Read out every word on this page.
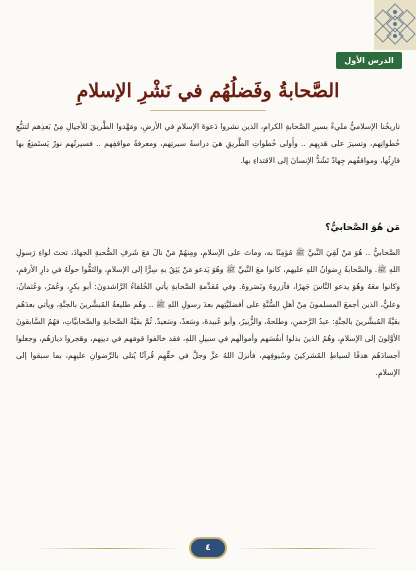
الدرس الأول
الصَّحابةُ وفَضلُهُم في نَشْرِ الإسلامِ

تاريخُنا الإسلاميُّ مليءٌ بسيرِ الصَّحابةِ الكرامِ، الذين نشروا دَعوةَ الإسلامِ في الأرضِ، ومَهَّدوا الطَّريقَ للأجيالِ مِنْ بَعدِهم لتتبُّعِ خُطواتِهم، وتسيرَ على هَديِهم .. وأَولى خُطواتِ الطَّريقِ هيَ دراسةُ سيرتِهم، ومعرفةُ مواقفِهم .. فسيرتُهم نورٌ يَستَمتِعُ بها قارِئُها، ومواقفُهم جِهادٌ تَشُدُّ الإنسانَ إلى الاقتداءِ بها.

مَن هُوَ الصَّحابيُّ؟

الصَّحابيُّ .. هُوَ مَنْ لَقِيَ النَّبيَّ ﷺ مُؤمِنًا به، وماتَ على الإسلامِ، ومِنهُمْ مَنْ نالَ مَعَ شَرفِ الصُّحبةِ الجهادَ، تحتَ لواءِ رَسولِ اللهِ ﷺ. والصَّحابةُ رِضوانُ اللهِ عليهم، كانوا معَ النَّبيِّ ﷺ وهُوَ يَدعو مَنْ يَثِقُ بهِ سِرًّا إلى الإسلامِ، والتَفُّوا حولَهُ في دارِ الأرقمِ، وكانوا معَهُ وهُوَ يدعو النَّاسَ جَهرًا، فآزروهُ ونَصَروهُ. وفي مُقدِّمةِ الصَّحابةِ يأتي الخُلفاءُ الرَّاشدونَ: أبو بكرٍ، وعُمَرُ، وعُثمانُ، وعليٌّ، الذين أجمعَ المسلمونَ مِنْ أهلِ السُّنَّةِ على أفضليَّتِهم بعدَ رسولِ اللهِ ﷺ .. وهُم طليعةُ المُبشَّرينَ بالجنَّةِ، ويأتي بعدَهُم بقيَّةُ المُبشَّرينَ بالجنَّةِ: عبدُ الرَّحمنِ، وطلحةُ، والزُّبيرُ، وأبو عُبيدةَ، وسَعدٌ، وسَعيدٌ. ثُمَّ بقيَّةُ الصَّحابةِ والصَّحابيَّاتِ، فهُمُ السَّابقونَ الأوَّلونَ إلى الإسلامِ، وهُمُ الذينَ بذلوا أنفُسَهم وأموالَهم في سبيلِ اللهِ، فقد خالفوا قومَهم في دينِهم، وهَجروا ديارَهُم، وجعلوا أجسادَهُم هدفًا لسياطِ المُشركينَ وسُيوفِهم، فأنزلَ اللهُ عزَّ وجلَّ في حقِّهِم قُرآنًا يُتلى بالرِّضوانِ عليهِم، بما سبقوا إلى الإسلامِ.

٤
